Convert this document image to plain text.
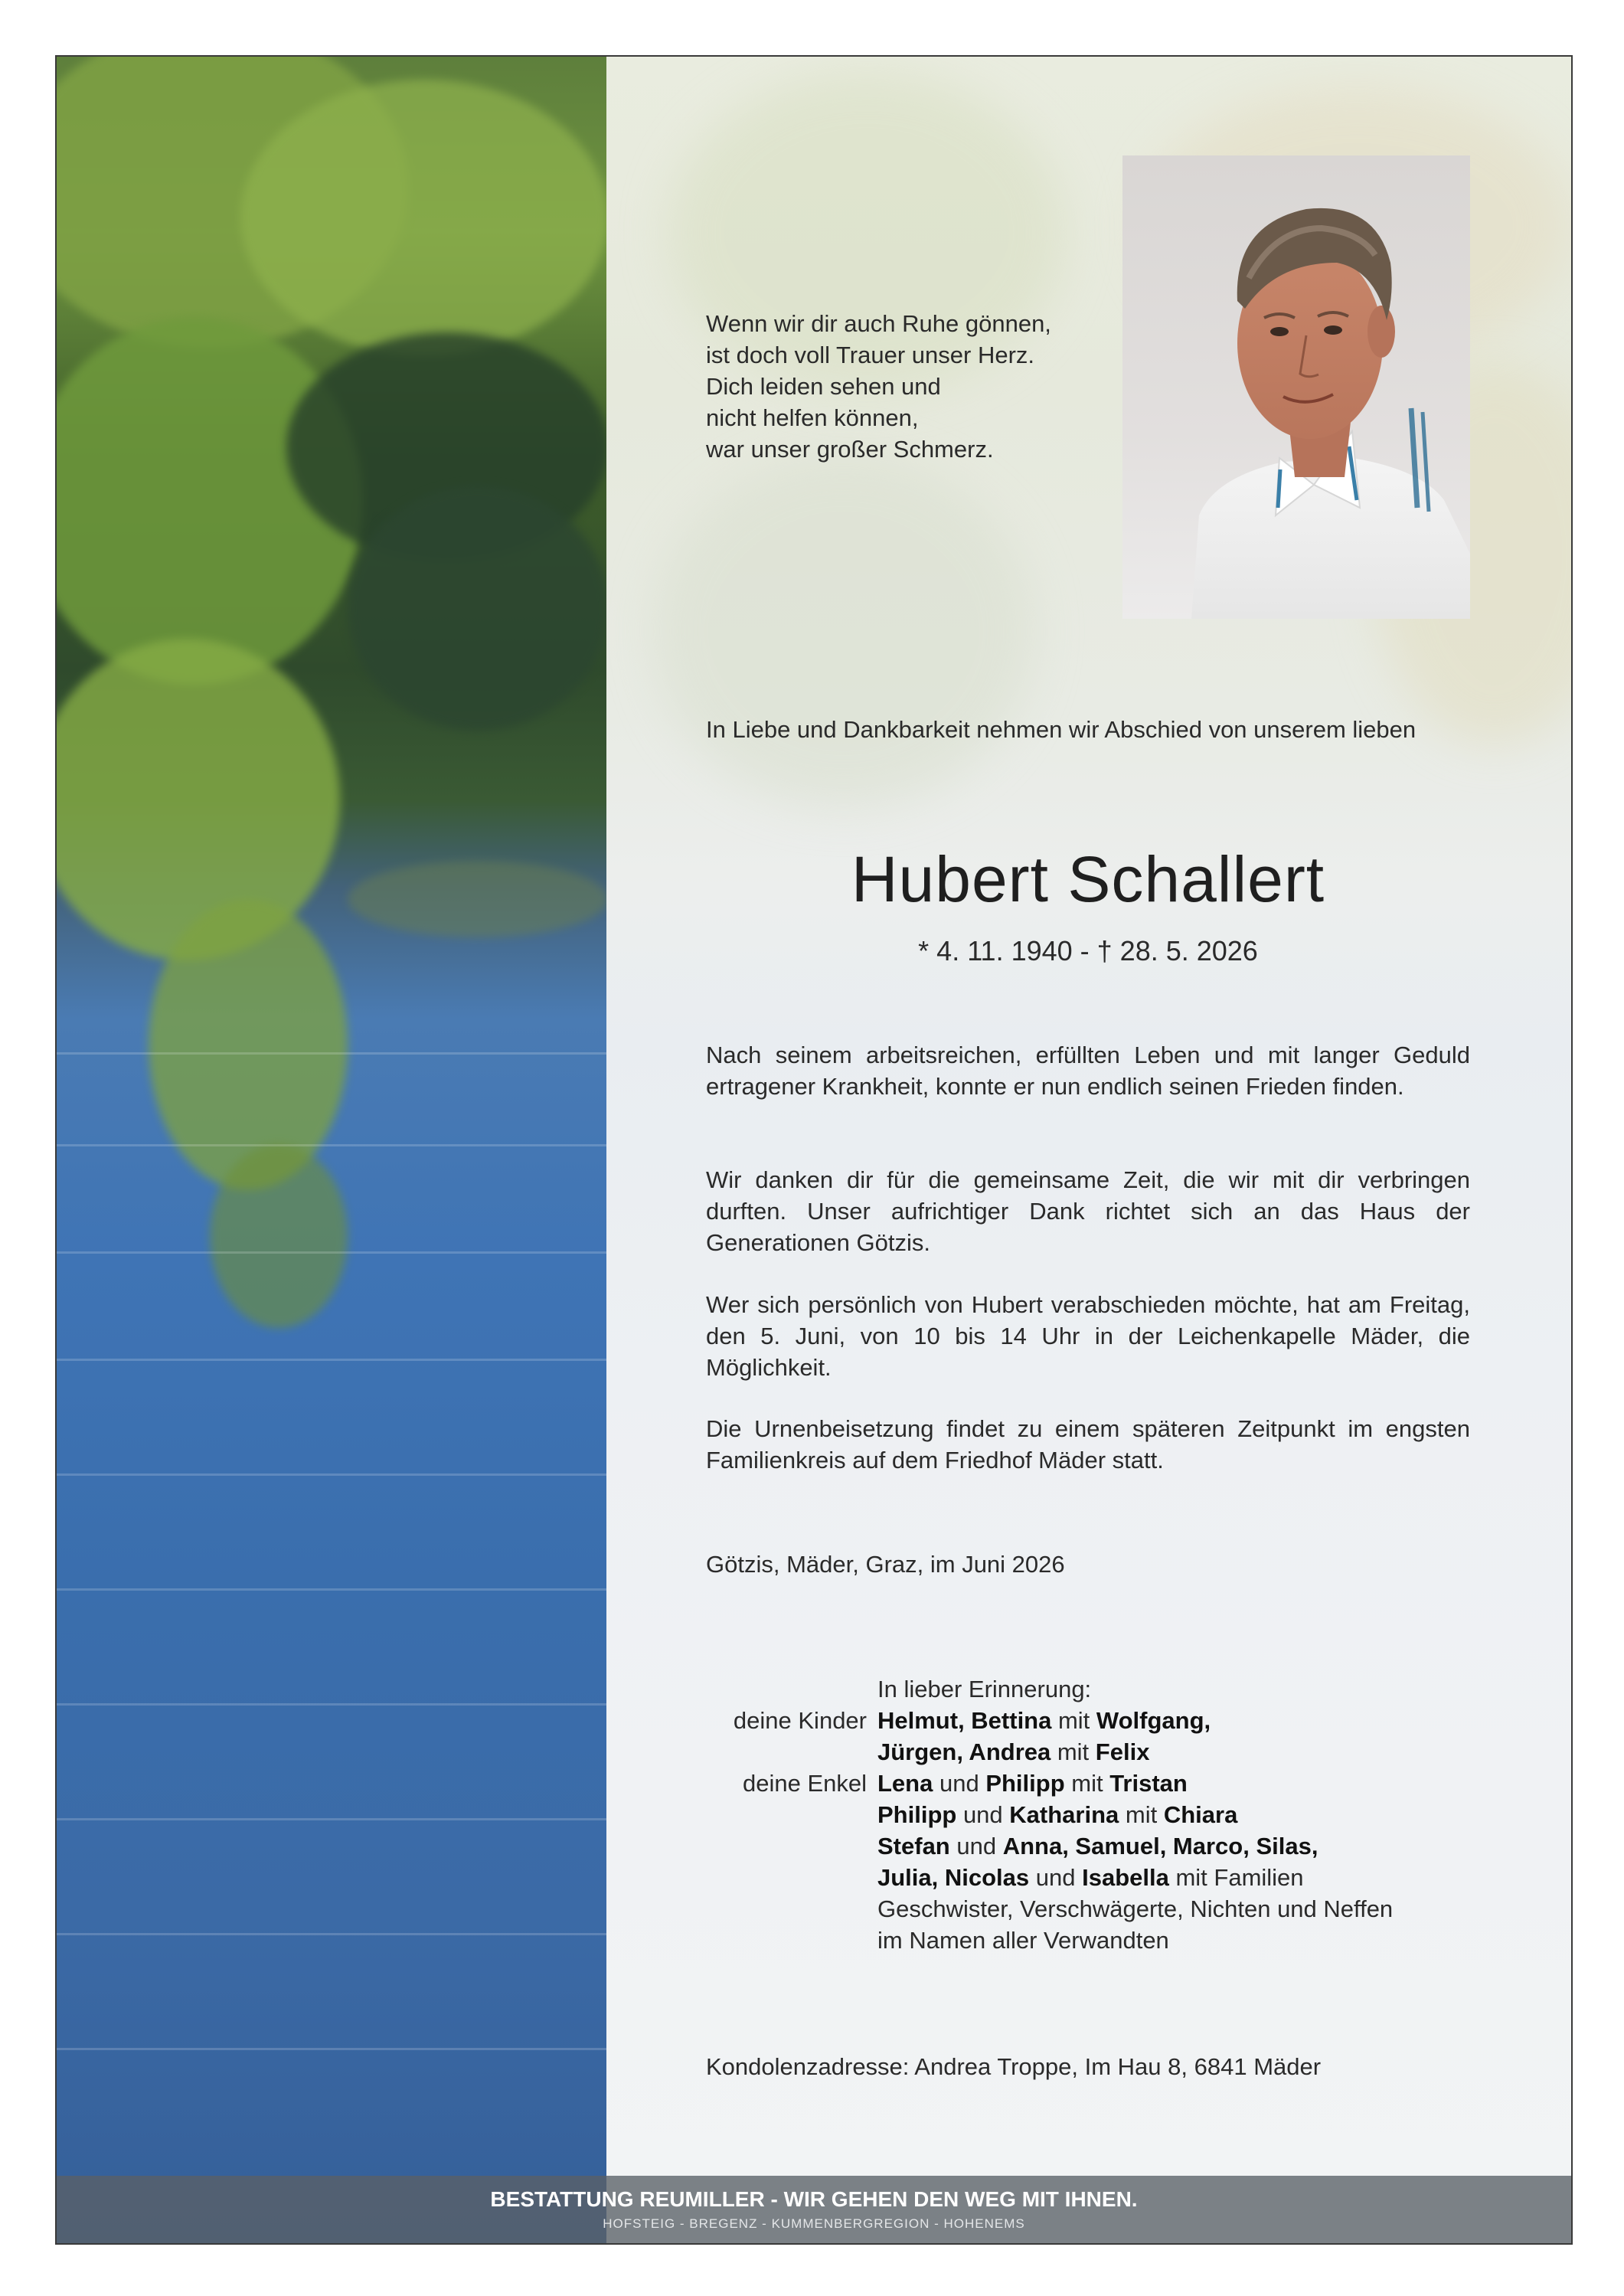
Wenn wir dir auch Ruhe gönnen,
ist doch voll Trauer unser Herz.
Dich leiden sehen und
nicht helfen können,
war unser großer Schmerz.
In Liebe und Dankbarkeit nehmen wir Abschied von unserem lieben
Hubert Schallert
* 4. 11. 1940 - † 28. 5. 2026
Nach seinem arbeitsreichen, erfüllten Leben und mit langer Geduld ertragener Krankheit, konnte er nun endlich seinen Frieden finden.
Wir danken dir für die gemeinsame Zeit, die wir mit dir verbringen durften. Unser aufrichtiger Dank richtet sich an das Haus der Generationen Götzis.
Wer sich persönlich von Hubert verabschieden möchte, hat am Freitag, den 5. Juni, von 10 bis 14 Uhr in der Leichenkapelle Mäder, die Möglichkeit.
Die Urnenbeisetzung findet zu einem späteren Zeitpunkt im engsten Familienkreis auf dem Friedhof Mäder statt.
Götzis, Mäder, Graz, im Juni 2026
In lieber Erinnerung:
deine Kinder Helmut, Bettina mit Wolfgang,
Jürgen, Andrea mit Felix
deine Enkel Lena und Philipp mit Tristan
Philipp und Katharina mit Chiara
Stefan und Anna, Samuel, Marco, Silas,
Julia, Nicolas und Isabella mit Familien
Geschwister, Verschwägerte, Nichten und Neffen
im Namen aller Verwandten
Kondolenzadresse: Andrea Troppe, Im Hau 8, 6841 Mäder
BESTATTUNG REUMILLER - WIR GEHEN DEN WEG MIT IHNEN.
HOFSTEIG - BREGENZ - KUMMENBERGREGION - HOHENEMS
